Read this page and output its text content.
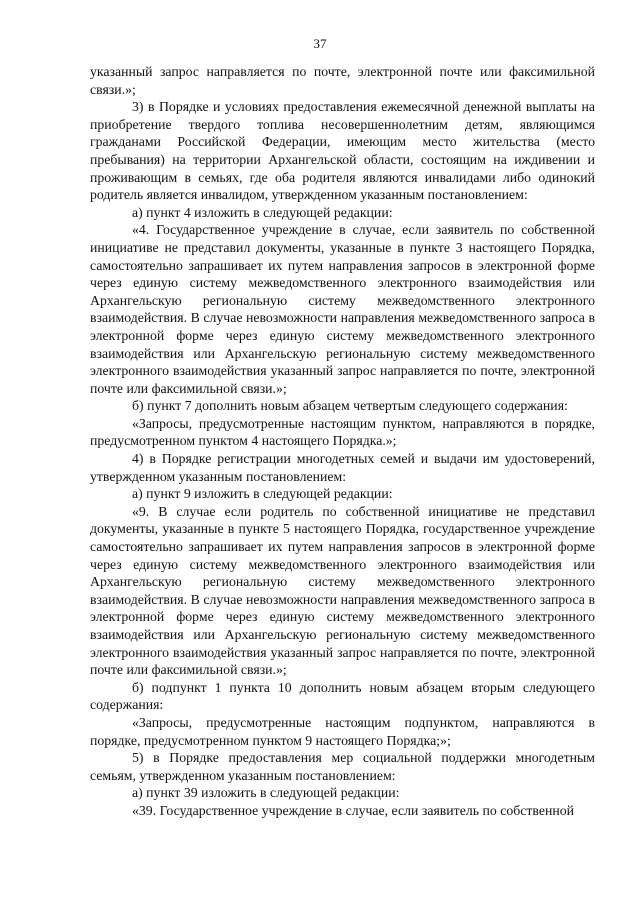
37

указанный запрос направляется по почте, электронной почте или факсимильной связи.»;

3) в Порядке и условиях предоставления ежемесячной денежной выплаты на приобретение твердого топлива несовершеннолетним детям, являющимся гражданами Российской Федерации, имеющим место жительства (место пребывания) на территории Архангельской области, состоящим на иждивении и проживающим в семьях, где оба родителя являются инвалидами либо одинокий родитель является инвалидом, утвержденном указанным постановлением:

а) пункт 4 изложить в следующей редакции:

«4. Государственное учреждение в случае, если заявитель по собственной инициативе не представил документы, указанные в пункте 3 настоящего Порядка, самостоятельно запрашивает их путем направления запросов в электронной форме через единую систему межведомственного электронного взаимодействия или Архангельскую региональную систему межведомственного электронного взаимодействия. В случае невозможности направления межведомственного запроса в электронной форме через единую систему межведомственного электронного взаимодействия или Архангельскую региональную систему межведомственного электронного взаимодействия указанный запрос направляется по почте, электронной почте или факсимильной связи.»;

б) пункт 7 дополнить новым абзацем четвертым следующего содержания:

«Запросы, предусмотренные настоящим пунктом, направляются в порядке, предусмотренном пунктом 4 настоящего Порядка.»;

4) в Порядке регистрации многодетных семей и выдачи им удостоверений, утвержденном указанным постановлением:

а) пункт 9 изложить в следующей редакции:

«9. В случае если родитель по собственной инициативе не представил документы, указанные в пункте 5 настоящего Порядка, государственное учреждение самостоятельно запрашивает их путем направления запросов в электронной форме через единую систему межведомственного электронного взаимодействия или Архангельскую региональную систему межведомственного электронного взаимодействия. В случае невозможности направления межведомственного запроса в электронной форме через единую систему межведомственного электронного взаимодействия или Архангельскую региональную систему межведомственного электронного взаимодействия указанный запрос направляется по почте, электронной почте или факсимильной связи.»;

б) подпункт 1 пункта 10 дополнить новым абзацем вторым следующего содержания:

«Запросы, предусмотренные настоящим подпунктом, направляются в порядке, предусмотренном пунктом 9 настоящего Порядка;»;

5) в Порядке предоставления мер социальной поддержки многодетным семьям, утвержденном указанным постановлением:

а) пункт 39 изложить в следующей редакции:

«39. Государственное учреждение в случае, если заявитель по собственной
